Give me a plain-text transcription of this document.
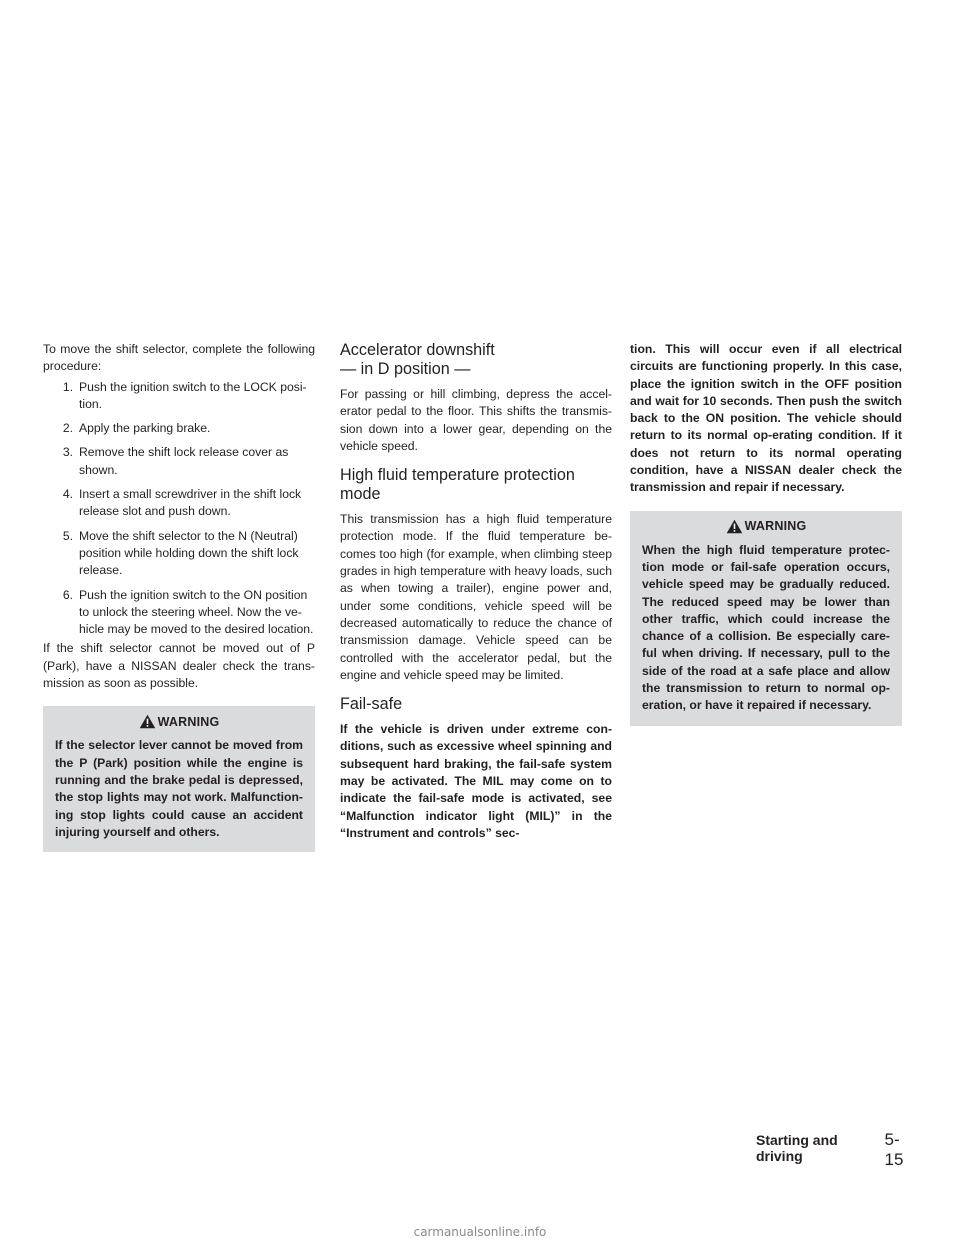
To move the shift selector, complete the following procedure:

1. Push the ignition switch to the LOCK posi-tion.
2. Apply the parking brake.
3. Remove the shift lock release cover as shown.
4. Insert a small screwdriver in the shift lock release slot and push down.
5. Move the shift selector to the N (Neutral) position while holding down the shift lock release.
6. Push the ignition switch to the ON position to unlock the steering wheel. Now the ve-hicle may be moved to the desired location.

If the shift selector cannot be moved out of P (Park), have a NISSAN dealer check the trans-mission as soon as possible.

WARNING

If the selector lever cannot be moved from the P (Park) position while the engine is running and the brake pedal is depressed, the stop lights may not work. Malfunction-ing stop lights could cause an accident injuring yourself and others.

Accelerator downshift
— in D position —

For passing or hill climbing, depress the accel-erator pedal to the floor. This shifts the transmis-sion down into a lower gear, depending on the vehicle speed.

High fluid temperature protection
mode

This transmission has a high fluid temperature protection mode. If the fluid temperature be-comes too high (for example, when climbing steep grades in high temperature with heavy loads, such as when towing a trailer), engine power and, under some conditions, vehicle speed will be decreased automatically to reduce the chance of transmission damage. Vehicle speed can be controlled with the accelerator pedal, but the engine and vehicle speed may be limited.

Fail-safe

If the vehicle is driven under extreme con-ditions, such as excessive wheel spinning and subsequent hard braking, the fail-safe system may be activated. The MIL may come on to indicate the fail-safe mode is activated, see “Malfunction indicator light (MIL)” in the “Instrument and controls” sec-

tion. This will occur even if all electrical circuits are functioning properly. In this case, place the ignition switch in the OFF position and wait for 10 seconds. Then push the switch back to the ON position. The vehicle should return to its normal op-erating condition. If it does not return to its normal operating condition, have a NISSAN dealer check the transmission and repair if necessary.

WARNING

When the high fluid temperature protec-tion mode or fail-safe operation occurs, vehicle speed may be gradually reduced. The reduced speed may be lower than other traffic, which could increase the chance of a collision. Be especially care-ful when driving. If necessary, pull to the side of the road at a safe place and allow the transmission to return to normal op-eration, or have it repaired if necessary.

Starting and driving
5-15
carmanualsonline.info
